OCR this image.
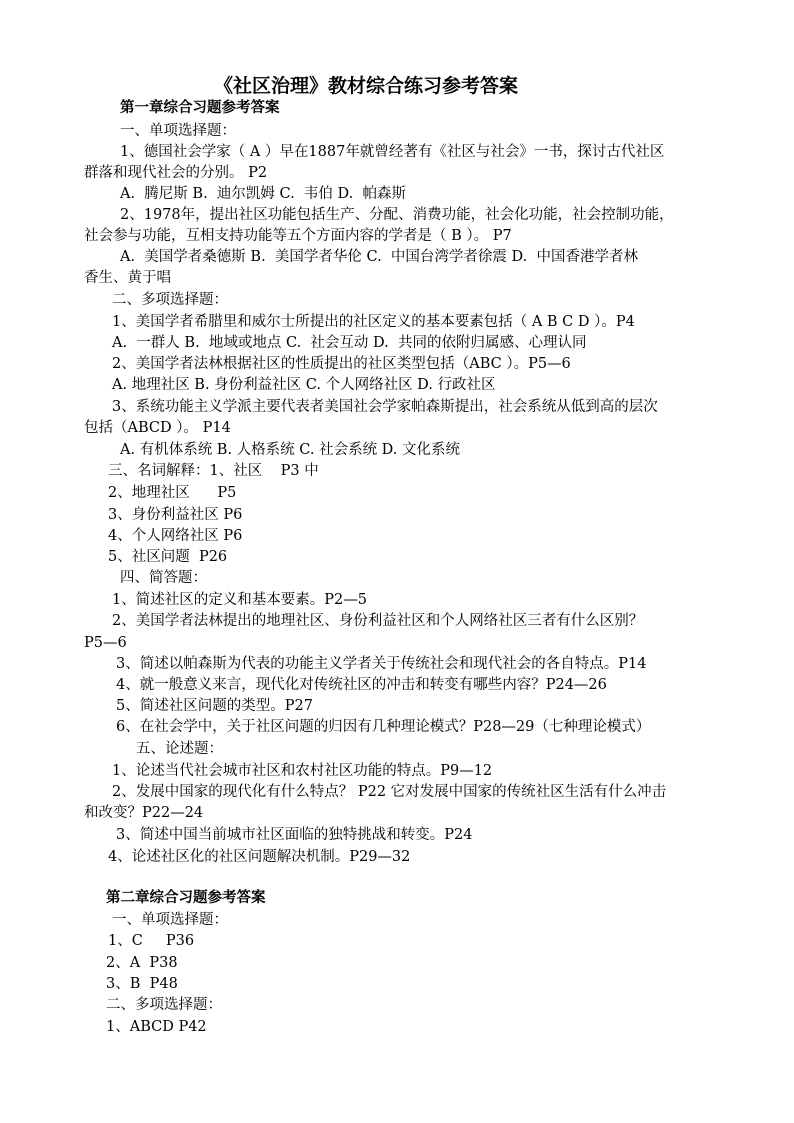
《社区治理》教材综合练习参考答案
第一章综合习题参考答案
一、单项选择题：
1、德国社会学家（ A ）早在1887年就曾经著有《社区与社会》一书，探讨古代社区
群落和现代社会的分别。 P2
A.  腾尼斯 B.  迪尔凯姆 C.  韦伯 D.  帕森斯
2、1978年，提出社区功能包括生产、分配、消费功能，社会化功能，社会控制功能，
社会参与功能，互相支持功能等五个方面内容的学者是（ B ）。 P7
A.  美国学者桑德斯 B.  美国学者华伦 C.  中国台湾学者徐震 D.  中国香港学者林
香生、黄于唱
二、多项选择题：
1、美国学者希腊里和威尔士所提出的社区定义的基本要素包括（ A B C D ）。P4
A.  一群人 B.  地域或地点 C.  社会互动 D.  共同的依附归属感、心理认同
2、美国学者法林根据社区的性质提出的社区类型包括（ABC ）。P5—6
A. 地理社区 B. 身份利益社区 C. 个人网络社区 D. 行政社区
3、系统功能主义学派主要代表者美国社会学家帕森斯提出，社会系统从低到高的层次
包括（ABCD ）。 P14
A. 有机体系统 B. 人格系统 C. 社会系统 D. 文化系统
三、名词解释：1、社区    P3 中
2、地理社区      P5
3、身份利益社区 P6
4、个人网络社区 P6
5、社区问题  P26
四、简答题：
1、简述社区的定义和基本要素。P2—5
2、美国学者法林提出的地理社区、身份利益社区和个人网络社区三者有什么区别？
P5—6
3、简述以帕森斯为代表的功能主义学者关于传统社会和现代社会的各自特点。P14
4、就一般意义来言，现代化对传统社区的冲击和转变有哪些内容？P24—26
5、简述社区问题的类型。P27
6、在社会学中，关于社区问题的归因有几种理论模式？P28—29（七种理论模式）
五、论述题：
1、论述当代社会城市社区和农村社区功能的特点。P9—12
2、发展中国家的现代化有什么特点？ P22 它对发展中国家的传统社区生活有什么冲击
和改变？P22—24
3、简述中国当前城市社区面临的独特挑战和转变。P24
4、论述社区化的社区问题解决机制。P29—32
第二章综合习题参考答案
一、单项选择题：
1、C     P36
2、A  P38
3、B  P48
二、多项选择题：
1、ABCD P42
